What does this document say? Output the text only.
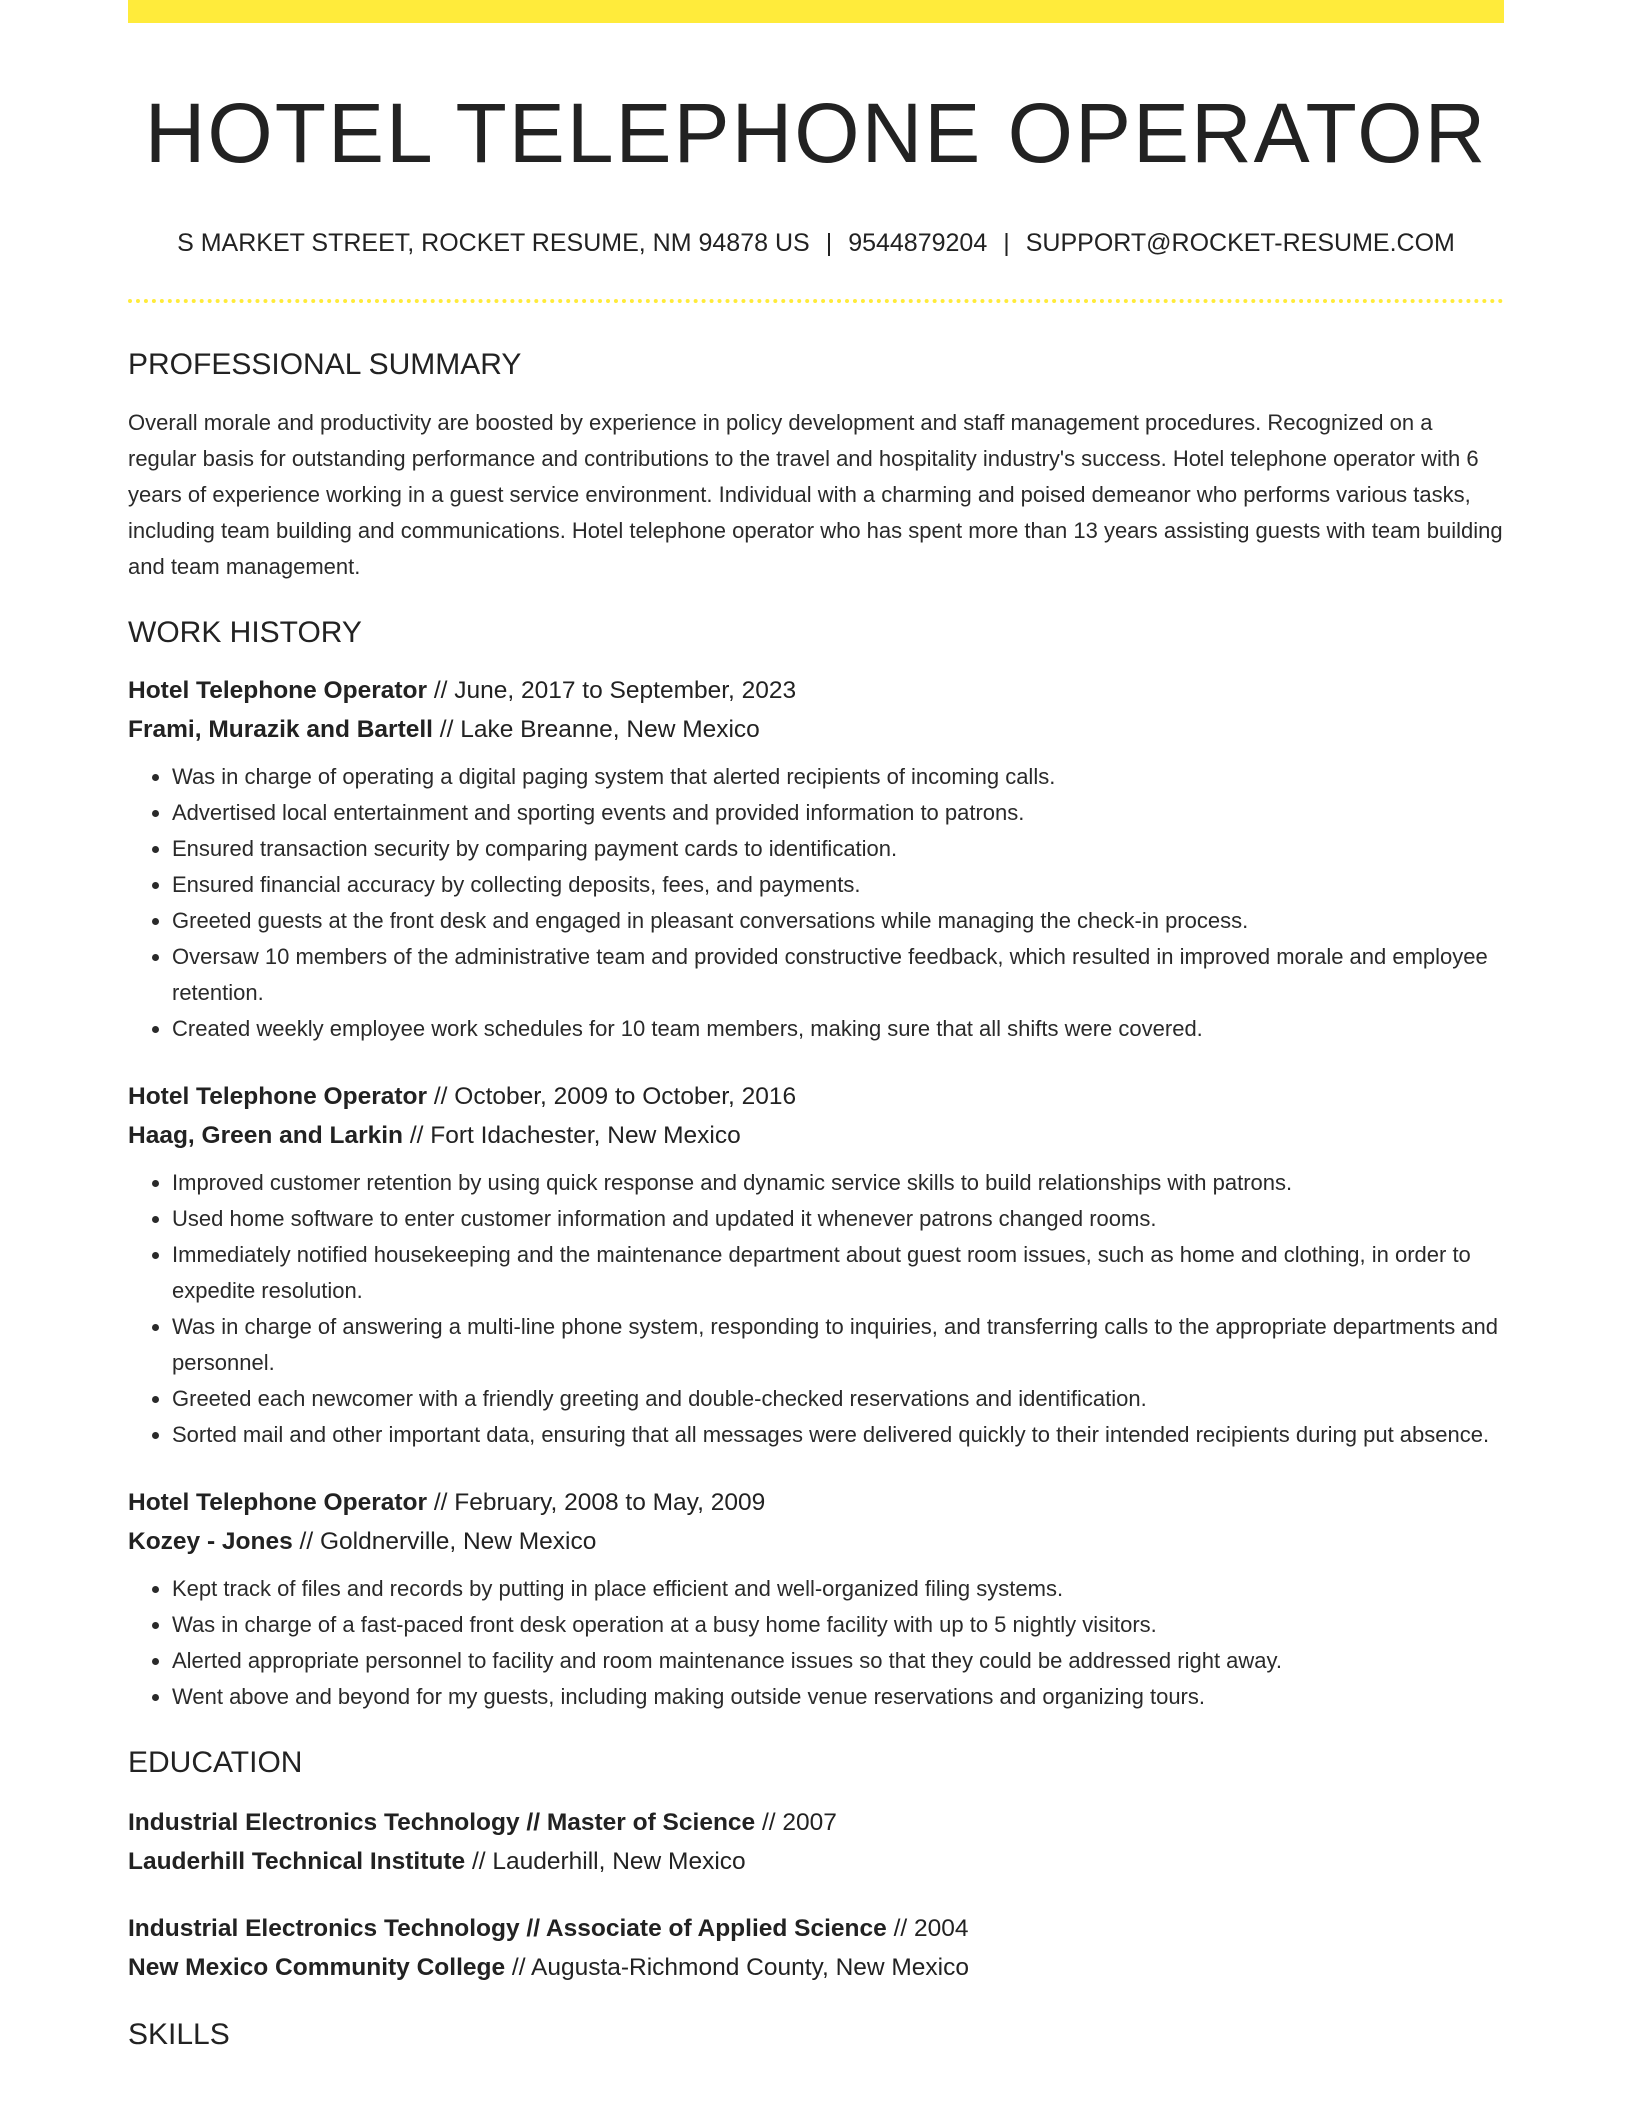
HOTEL TELEPHONE OPERATOR
S MARKET STREET, ROCKET RESUME, NM 94878 US | 9544879204 | SUPPORT@ROCKET-RESUME.COM
PROFESSIONAL SUMMARY
Overall morale and productivity are boosted by experience in policy development and staff management procedures. Recognized on a regular basis for outstanding performance and contributions to the travel and hospitality industry's success. Hotel telephone operator with 6 years of experience working in a guest service environment. Individual with a charming and poised demeanor who performs various tasks, including team building and communications. Hotel telephone operator who has spent more than 13 years assisting guests with team building and team management.
WORK HISTORY
Hotel Telephone Operator // June, 2017 to September, 2023
Frami, Murazik and Bartell // Lake Breanne, New Mexico
• Was in charge of operating a digital paging system that alerted recipients of incoming calls.
• Advertised local entertainment and sporting events and provided information to patrons.
• Ensured transaction security by comparing payment cards to identification.
• Ensured financial accuracy by collecting deposits, fees, and payments.
• Greeted guests at the front desk and engaged in pleasant conversations while managing the check-in process.
• Oversaw 10 members of the administrative team and provided constructive feedback, which resulted in improved morale and employee retention.
• Created weekly employee work schedules for 10 team members, making sure that all shifts were covered.
Hotel Telephone Operator // October, 2009 to October, 2016
Haag, Green and Larkin // Fort Idachester, New Mexico
• Improved customer retention by using quick response and dynamic service skills to build relationships with patrons.
• Used home software to enter customer information and updated it whenever patrons changed rooms.
• Immediately notified housekeeping and the maintenance department about guest room issues, such as home and clothing, in order to expedite resolution.
• Was in charge of answering a multi-line phone system, responding to inquiries, and transferring calls to the appropriate departments and personnel.
• Greeted each newcomer with a friendly greeting and double-checked reservations and identification.
• Sorted mail and other important data, ensuring that all messages were delivered quickly to their intended recipients during put absence.
Hotel Telephone Operator // February, 2008 to May, 2009
Kozey - Jones // Goldnerville, New Mexico
• Kept track of files and records by putting in place efficient and well-organized filing systems.
• Was in charge of a fast-paced front desk operation at a busy home facility with up to 5 nightly visitors.
• Alerted appropriate personnel to facility and room maintenance issues so that they could be addressed right away.
• Went above and beyond for my guests, including making outside venue reservations and organizing tours.
EDUCATION
Industrial Electronics Technology // Master of Science // 2007
Lauderhill Technical Institute // Lauderhill, New Mexico
Industrial Electronics Technology // Associate of Applied Science // 2004
New Mexico Community College // Augusta-Richmond County, New Mexico
SKILLS
